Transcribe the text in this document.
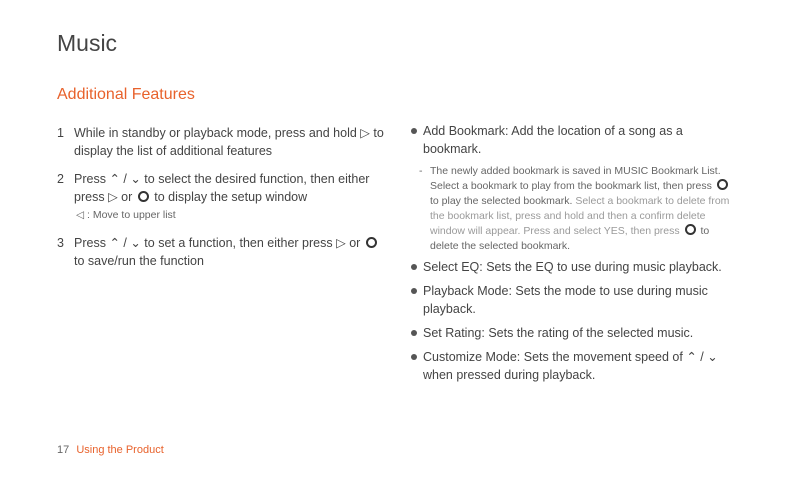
Music
Additional Features
1 While in standby or playback mode, press and hold ▷ to display the list of additional features
2 Press ⌃ / ⌄ to select the desired function, then either press ▷ or to display the setup window
◁ : Move to upper list
3 Press ⌃ / ⌄ to set a function, then either press ▷ or  to save/run the function
Add Bookmark: Add the location of a song as a bookmark.
- The newly added bookmark is saved in MUSIC Bookmark List. Select a bookmark to play from the bookmark list, then press  to play the selected bookmark. Select a bookmark to delete from the bookmark list, press and hold and then a confirm delete window will appear. Press and select YES, then press to delete the selected bookmark.
Select EQ: Sets the EQ to use during music playback.
Playback Mode: Sets the mode to use during music playback.
Set Rating: Sets the rating of the selected music.
Customize Mode: Sets the movement speed of ⌃ / ⌄ when pressed during playback.
17 Using the Product
